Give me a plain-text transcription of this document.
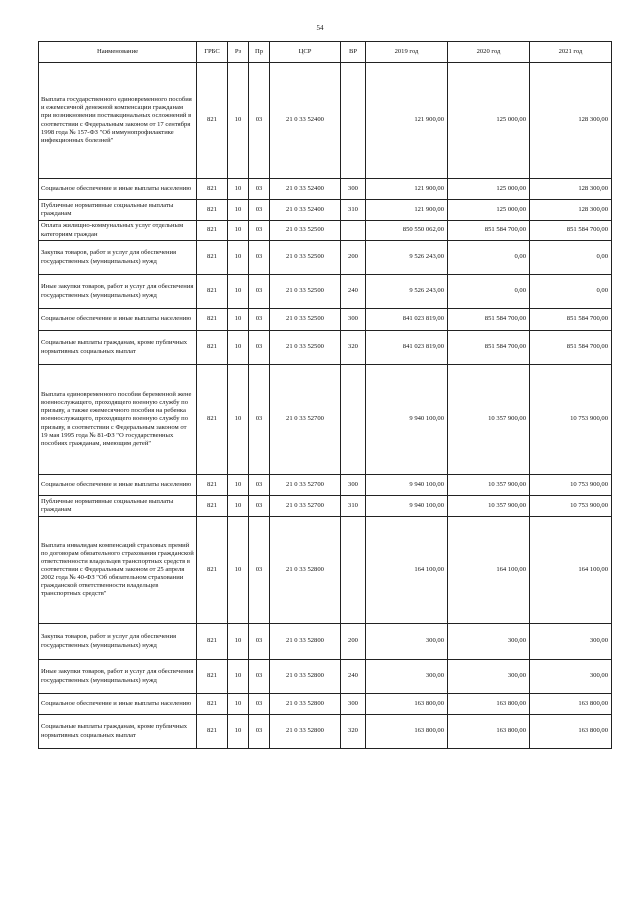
54
Наименование	ГРБС	Рз	Пр	ЦСР	ВР	2019 год	2020 год	2021 год
Выплата государственного единовременного пособия и ежемесячной денежной компенсации гражданам при возникновении поствакцинальных осложнений в соответствии с Федеральным законом от 17 сентября 1998 года № 157-ФЗ "Об иммунопрофилактике инфекционных болезней"	821	10	03	21 0 33 52400		121 900,00	125 000,00	128 300,00
Социальное обеспечение и иные выплаты населению	821	10	03	21 0 33 52400	300	121 900,00	125 000,00	128 300,00
Публичные нормативные социальные выплаты гражданам	821	10	03	21 0 33 52400	310	121 900,00	125 000,00	128 300,00
Оплата жилищно-коммунальных услуг отдельным категориям граждан	821	10	03	21 0 33 52500		850 550 062,00	851 584 700,00	851 584 700,00
Закупка товаров, работ и услуг для обеспечения государственных (муниципальных) нужд	821	10	03	21 0 33 52500	200	9 526 243,00	0,00	0,00
Иные закупки товаров, работ и услуг для обеспечения государственных (муниципальных) нужд	821	10	03	21 0 33 52500	240	9 526 243,00	0,00	0,00
Социальное обеспечение и иные выплаты населению	821	10	03	21 0 33 52500	300	841 023 819,00	851 584 700,00	851 584 700,00
Социальные выплаты гражданам, кроме публичных нормативных социальных выплат	821	10	03	21 0 33 52500	320	841 023 819,00	851 584 700,00	851 584 700,00
Выплата единовременного пособия беременной жене военнослужащего, проходящего военную службу по призыву, а также ежемесячного пособия на ребенка военнослужащего, проходящего военную службу по призыву, в соответствии с Федеральным законом от 19 мая 1995 года № 81-ФЗ "О государственных пособиях гражданам, имеющим детей"	821	10	03	21 0 33 52700		9 940 100,00	10 357 900,00	10 753 900,00
Социальное обеспечение и иные выплаты населению	821	10	03	21 0 33 52700	300	9 940 100,00	10 357 900,00	10 753 900,00
Публичные нормативные социальные выплаты гражданам	821	10	03	21 0 33 52700	310	9 940 100,00	10 357 900,00	10 753 900,00
Выплата инвалидам компенсаций страховых премий по договорам обязательного страхования гражданской ответственности владельцев транспортных средств в соответствии с Федеральным законом от 25 апреля 2002 года № 40-ФЗ "Об обязательном страховании гражданской ответственности владельцев транспортных средств"	821	10	03	21 0 33 52800		164 100,00	164 100,00	164 100,00
Закупка товаров, работ и услуг для обеспечения государственных (муниципальных) нужд	821	10	03	21 0 33 52800	200	300,00	300,00	300,00
Иные закупки товаров, работ и услуг для обеспечения государственных (муниципальных) нужд	821	10	03	21 0 33 52800	240	300,00	300,00	300,00
Социальное обеспечение и иные выплаты населению	821	10	03	21 0 33 52800	300	163 800,00	163 800,00	163 800,00
Социальные выплаты гражданам, кроме публичных нормативных социальных выплат	821	10	03	21 0 33 52800	320	163 800,00	163 800,00	163 800,00
